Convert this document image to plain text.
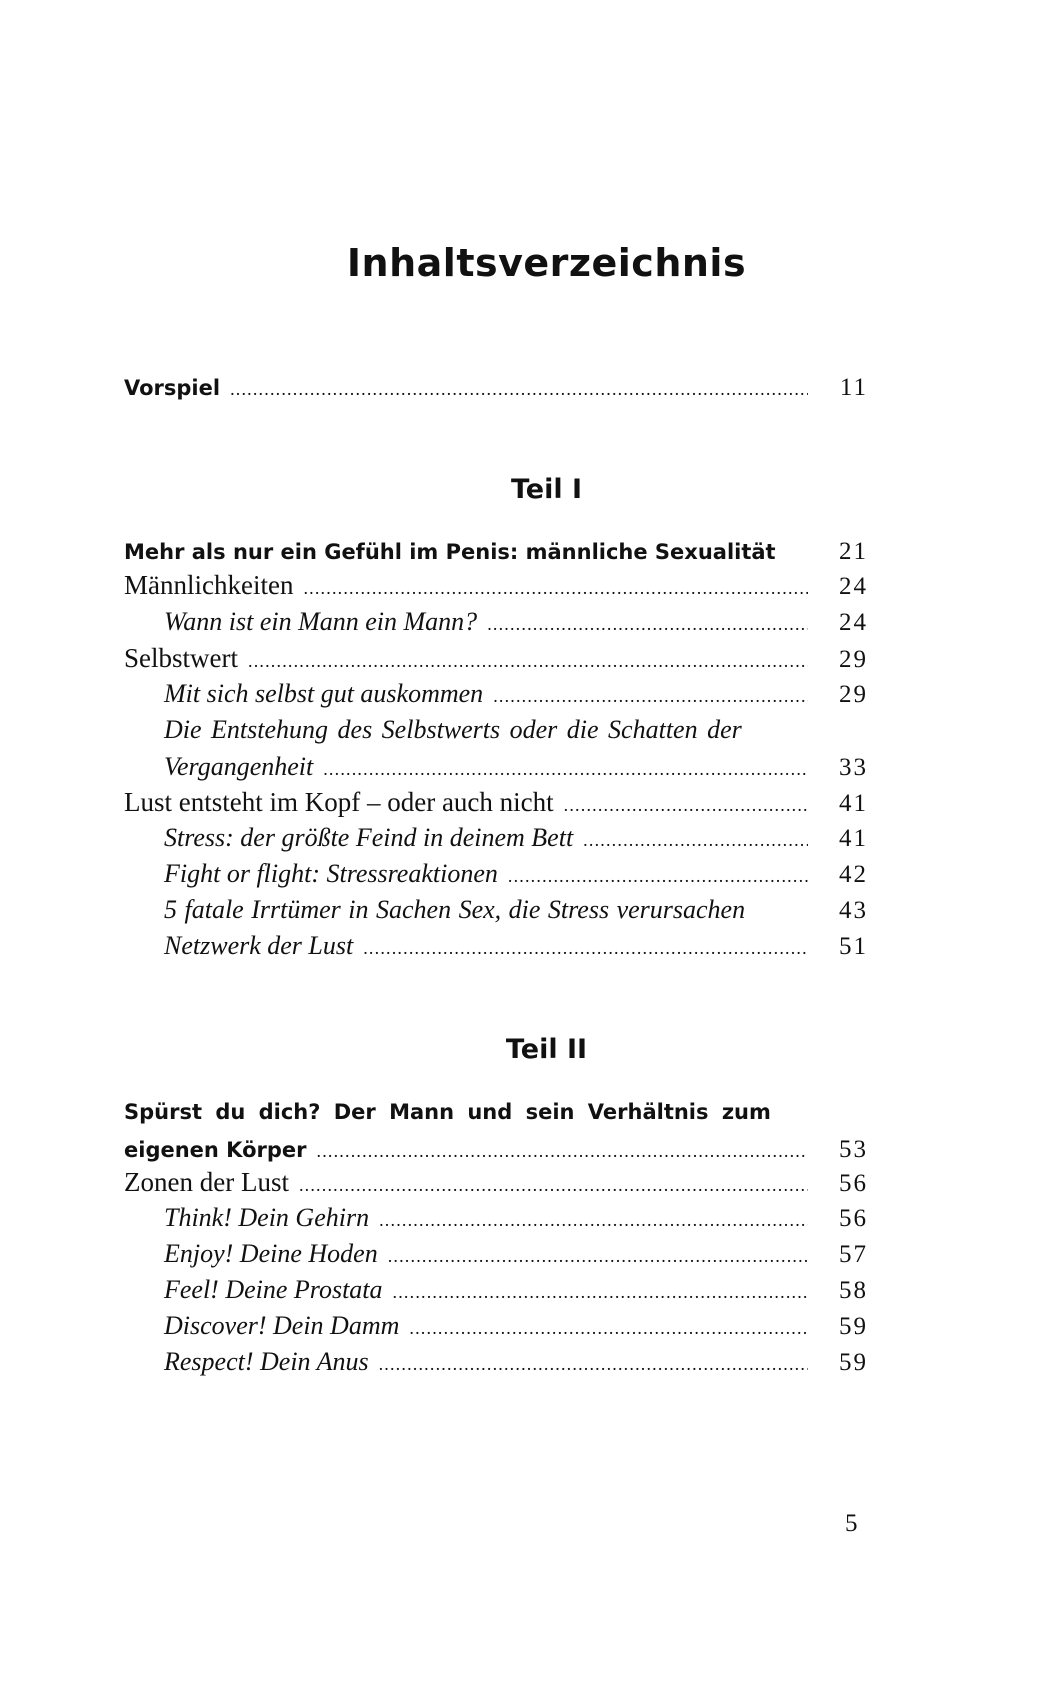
Inhaltsverzeichnis
Vorspiel .....	11
Teil I
Mehr als nur ein Gefühl im Penis: männliche Sexualität	21
Männlichkeiten .....	24
Wann ist ein Mann ein Mann? .....	24
Selbstwert .....	29
Mit sich selbst gut auskommen .....	29
Die Entstehung des Selbstwerts oder die Schatten der
Vergangenheit .....	33
Lust entsteht im Kopf – oder auch nicht .....	41
Stress: der größte Feind in deinem Bett .....	41
Fight or flight: Stressreaktionen .....	42
5 fatale Irrtümer in Sachen Sex, die Stress verursachen	43
Netzwerk der Lust .....	51
Teil II
Spürst du dich? Der Mann und sein Verhältnis zum
eigenen Körper .....	53
Zonen der Lust .....	56
Think! Dein Gehirn .....	56
Enjoy! Deine Hoden .....	57
Feel! Deine Prostata .....	58
Discover! Dein Damm .....	59
Respect! Dein Anus .....	59
5
